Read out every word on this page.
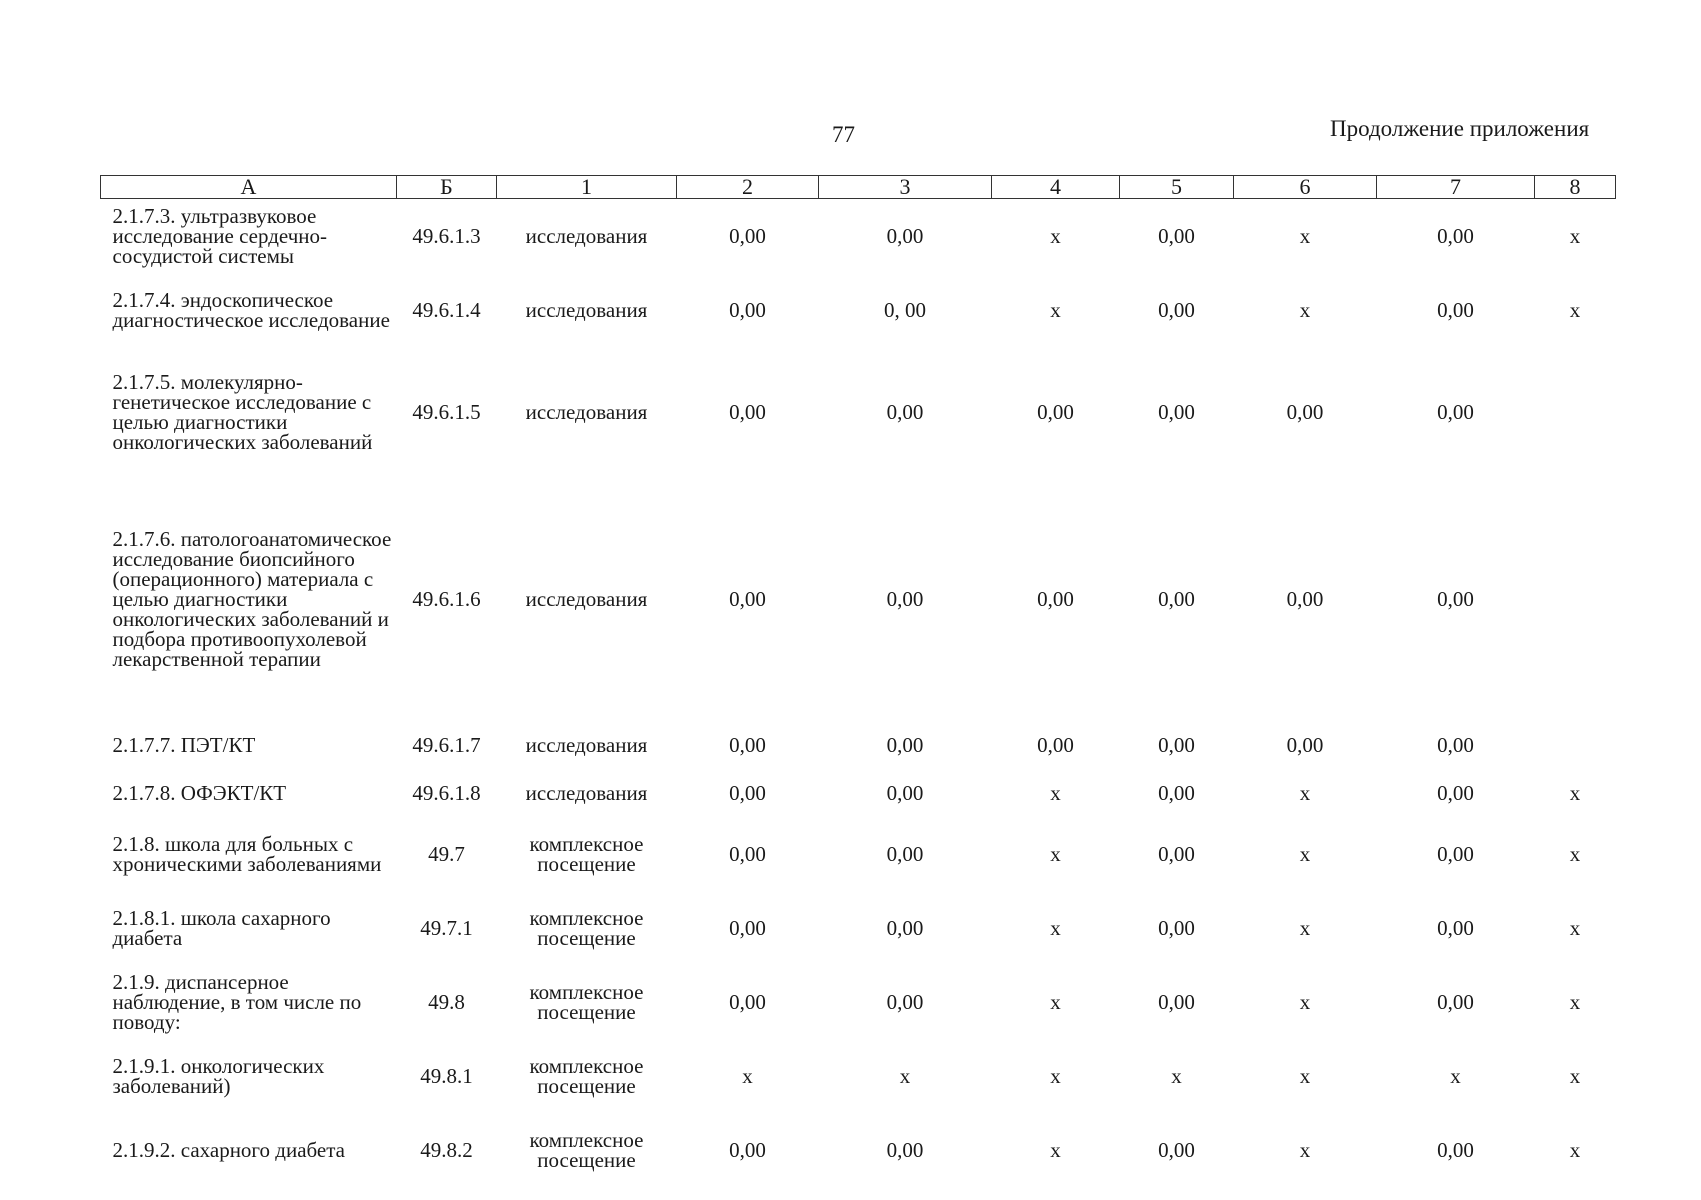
77	Продолжение приложения
А	Б	1	2	3	4	5	6	7	8
2.1.7.3. ультразвуковое исследование сердечно-сосудистой системы	49.6.1.3	исследования	0,00	0,00	х	0,00	х	0,00	х
2.1.7.4. эндоскопическое диагностическое исследование	49.6.1.4	исследования	0,00	0, 00	х	0,00	х	0,00	х
2.1.7.5. молекулярно-генетическое исследование с целью диагностики онкологических заболеваний	49.6.1.5	исследования	0,00	0,00	0,00	0,00	0,00	0,00	
2.1.7.6. патологоанатомическое исследование биопсийного (операционного) материала с целью диагностики онкологических заболеваний и подбора противоопухолевой лекарственной терапии	49.6.1.6	исследования	0,00	0,00	0,00	0,00	0,00	0,00	
2.1.7.7. ПЭТ/КТ	49.6.1.7	исследования	0,00	0,00	0,00	0,00	0,00	0,00	
2.1.7.8. ОФЭКТ/КТ	49.6.1.8	исследования	0,00	0,00	х	0,00	х	0,00	х
2.1.8. школа для больных с хроническими заболеваниями	49.7	комплексное посещение	0,00	0,00	х	0,00	х	0,00	х
2.1.8.1. школа сахарного диабета	49.7.1	комплексное посещение	0,00	0,00	х	0,00	х	0,00	х
2.1.9. диспансерное наблюдение, в том числе по поводу:	49.8	комплексное посещение	0,00	0,00	х	0,00	х	0,00	х
2.1.9.1. онкологических заболеваний)	49.8.1	комплексное посещение	х	х	х	х	х	х	х
2.1.9.2. сахарного диабета	49.8.2	комплексное посещение	0,00	0,00	х	0,00	х	0,00	х
